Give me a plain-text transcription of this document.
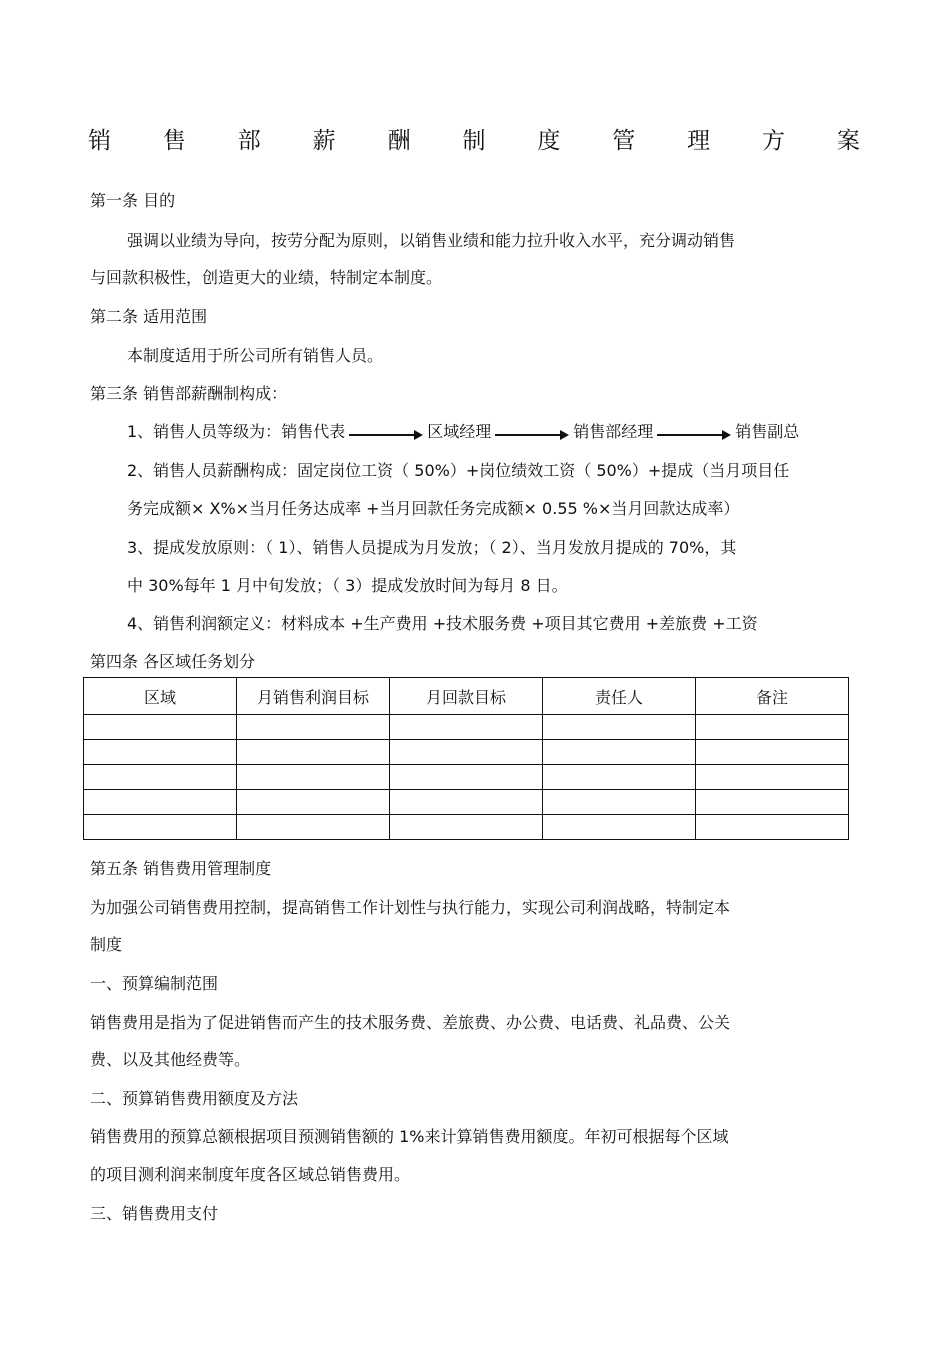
销 售 部 薪 酬 制 度 管 理 方 案
第一条 目的
强调以业绩为导向，按劳分配为原则，以销售业绩和能力拉升收入水平，充分调动销售
与回款积极性，创造更大的业绩，特制定本制度。
第二条 适用范围
本制度适用于所公司所有销售人员。
第三条 销售部薪酬制构成：
1、销售人员等级为：销售代表	区域经理	销售部经理	销售副总
2、销售人员薪酬构成：固定岗位工资（ 50%）+岗位绩效工资（ 50%）+提成（当月项目任
务完成额× X%×当月任务达成率 +当月回款任务完成额× 0.55 %×当月回款达成率）
3、提成发放原则：（ 1）、销售人员提成为月发放；（ 2）、当月发放月提成的 70%，其
中 30%每年 1 月中旬发放；（ 3）提成发放时间为每月 8 日。
4、销售利润额定义：材料成本 +生产费用 +技术服务费 +项目其它费用 +差旅费 +工资
第四条 各区域任务划分
区域	月销售利润目标	月回款目标	责任人	备注

第五条 销售费用管理制度
为加强公司销售费用控制，提高销售工作计划性与执行能力，实现公司利润战略，特制定本
制度
一、预算编制范围
销售费用是指为了促进销售而产生的技术服务费、差旅费、办公费、电话费、礼品费、公关
费、以及其他经费等。
二、预算销售费用额度及方法
销售费用的预算总额根据项目预测销售额的 1%来计算销售费用额度。年初可根据每个区域
的项目测利润来制度年度各区域总销售费用。
三、销售费用支付
